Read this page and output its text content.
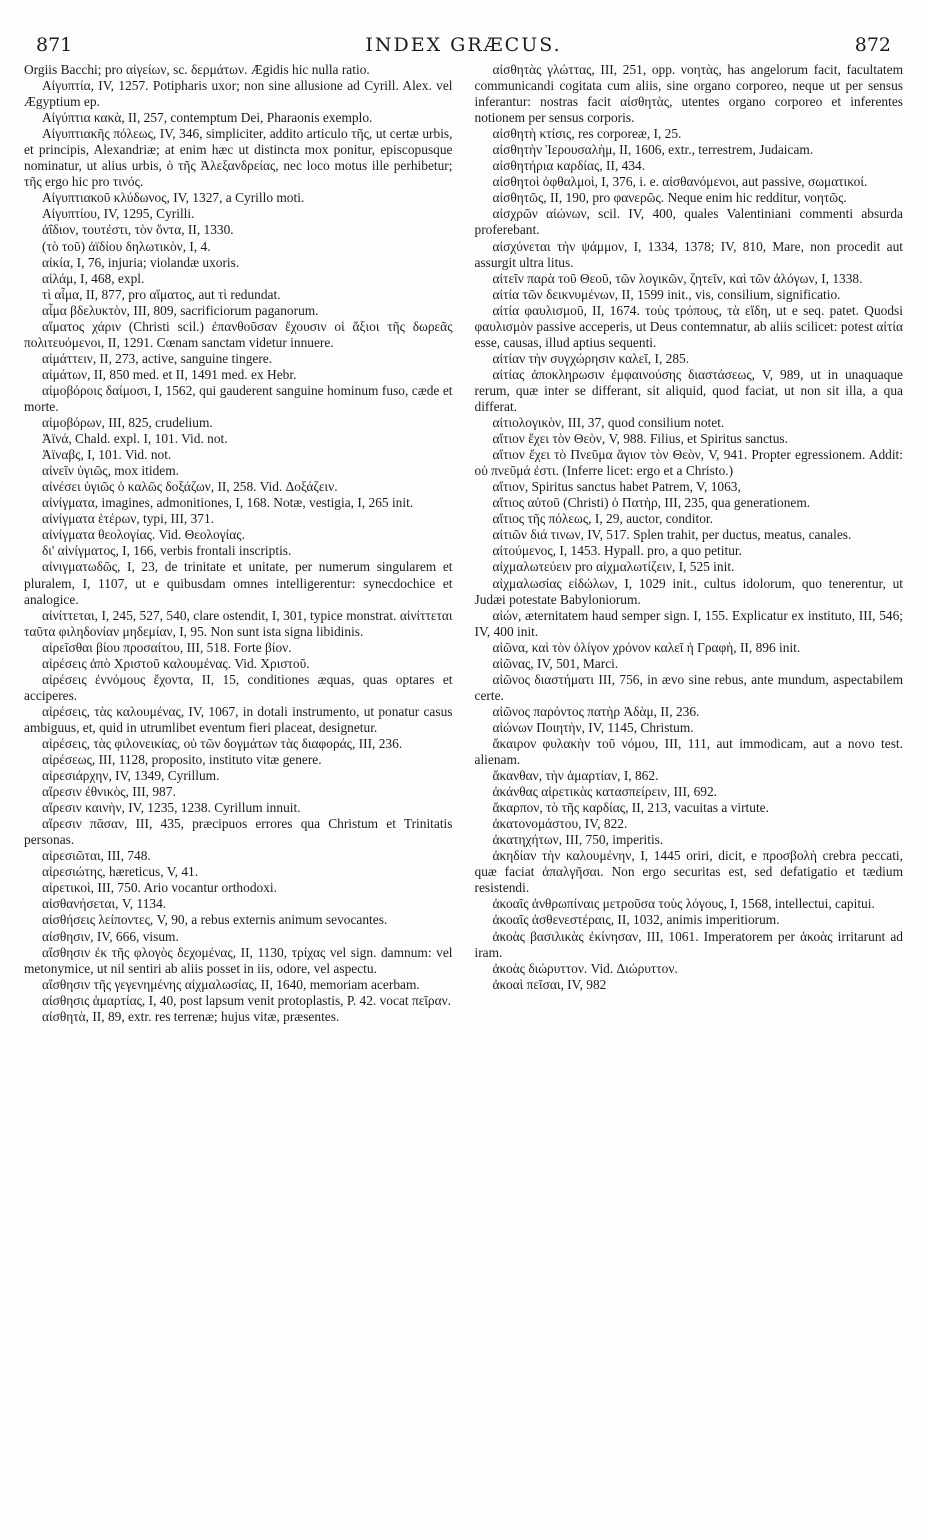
871	INDEX GRÆCUS.	872

Orgiis Bacchi; pro αἰγείων, sc. δερμάτων. Ægidis hic nulla ratio.

Αἰγυπτία, IV, 1257. Potipharis uxor; non sine allusione ad Cyrill. Alex. vel Ægyptium ep.

Αἰγύπτια κακὰ, II, 257, contemptum Dei, Pharaonis exemplo.

Αἰγυπτιακῆς πόλεως, IV, 346, simpliciter, addito articulo τῆς, ut certæ urbis, et principis, Alexandriæ; at enim hæc ut distincta mox ponitur, episcopusque nominatur, ut alius urbis, ὁ τῆς Ἀλεξανδρείας, nec loco motus ille perhibetur; τῆς ergo hic pro τινός.

Αἰγυπτιακοῦ κλύδωνος, IV, 1327, a Cyrillo moti.

Αἰγυπτίου, IV, 1295, Cyrilli.

ἀΐδιον, τουτέστι, τὸν ὄντα, II, 1330.

(τὸ τοῦ) ἀϊδίου δηλωτικὸν, I, 4.

αἰκία, I, 76, injuria; violandæ uxoris.

αἰλάμ, I, 468, expl.

τὶ αἷμα, II, 877, pro αἵματος, aut τὶ redundat.

αἷμα βδελυκτὸν, III, 809, sacrificiorum paganorum.

αἵματος χάριν (Christi scil.) ἐπανθοῦσαν ἔχουσιν οἱ ἄξιοι τῆς δωρεᾶς πολιτευόμενοι, II, 1291. Cœnam sanctam videtur innuere.

αἱμάττειν, II, 273, active, sanguine tingere.

αἱμάτων, II, 850 med. et II, 1491 med. ex Hebr.

αἱμοβόροις δαίμοσι, I, 1562, qui gauderent sanguine hominum fuso, cæde et morte.

αἱμοβόρων, III, 825, crudelium.

Ἀϊνά, Chald. expl. I, 101. Vid. not.

Ἀϊναβς, I, 101. Vid. not.

αἰνεῖν ὑγιῶς, mox itidem.

αἰνέσει ὑγιῶς ὁ καλῶς δοξάζων, II, 258. Vid. Δοξάζειν.

αἰνίγματα, imagines, admonitiones, I, 168. Notæ, vestigia, I, 265 init.

αἰνίγματα ἑτέρων, typi, III, 371.

αἰνίγματα θεολογίας. Vid. Θεολογίας.

δι' αἰνίγματος, I, 166, verbis frontali inscriptis.

αἰνιγματωδῶς, I, 23, de trinitate et unitate, per numerum singularem et pluralem, I, 1107, ut e quibusdam omnes intelligerentur: synecdochice et analogice.

αἰνίττεται, I, 245, 527, 540, clare ostendit, I, 301, typice monstrat. αἰνίττεται ταῦτα φιληδονίαν μηδεμίαν, I, 95. Non sunt ista signa libidinis.

αἱρεῖσθαι βίου προσαίτου, III, 518. Forte βίον.

αἱρέσεις ἀπὸ Χριστοῦ καλουμένας. Vid. Χριστοῦ.

αἱρέσεις ἐννόμους ἔχοντα, II, 15, conditiones æquas, quas optares et acciperes.

αἱρέσεις, τὰς καλουμένας, IV, 1067, in dotali instrumento, ut ponatur casus ambiguus, et, quid in utrumlibet eventum fieri placeat, designetur.

αἱρέσεις, τὰς φιλονεικίας, οὐ τῶν δογμάτων τὰς διαφοράς, III, 236.

αἱρέσεως, III, 1128, proposito, instituto vitæ genere.

αἱρεσιάρχην, IV, 1349, Cyrillum.

αἵρεσιν ἐθνικὸς, III, 987.

αἵρεσιν καινὴν, IV, 1235, 1238. Cyrillum innuit.

αἵρεσιν πᾶσαν, III, 435, præcipuos errores qua Christum et Trinitatis personas.

αἱρεσιῶται, III, 748.

αἱρεσιώτης, hæreticus, V, 41.

αἱρετικοὶ, III, 750. Ario vocantur orthodoxi.

αἰσθανήσεται, V, 1134.

αἰσθήσεις λείποντες, V, 90, a rebus externis animum sevocantes.

αἰσθησιν, IV, 666, visum.

αἴσθησιν ἐκ τῆς φλογὸς δεχομένας, II, 1130, τρίχας vel sign. damnum: vel metonymice, ut nil sentiri ab aliis posset in iis, odore, vel aspectu.

αἴσθησιν τῆς γεγενημένης αἰχμαλωσίας, II, 1640, memoriam acerbam.

αἰσθησις ἁμαρτίας, I, 40, post lapsum venit protoplastis, P. 42. vocat πεῖραν.

αἰσθητὰ, II, 89, extr. res terrenæ; hujus vitæ, præsentes.

αἰσθητὰς γλώττας, III, 251, opp. νοητὰς, has angelorum facit, facultatem communicandi cogitata cum aliis, sine organo corporeo, neque ut per sensus inferantur: nostras facit αἰσθητὰς, utentes organo corporeo et inferentes notionem per sensus corporis.

αἰσθητὴ κτίσις, res corporeæ, I, 25.

αἰσθητὴν Ἱερουσαλὴμ, II, 1606, extr., terrestrem, Judaicam.

αἰσθητήρια καρδίας, II, 434.

αἰσθητοὶ ὀφθαλμοὶ, I, 376, i. e. αἰσθανόμενοι, aut passive, σωματικοί.

αἰσθητῶς, II, 190, pro φανερῶς. Neque enim hic redditur, νοητῶς.

αἰσχρῶν αἰώνων, scil. IV, 400, quales Valentiniani commenti absurda proferebant.

αἰσχύνεται τὴν ψάμμον, I, 1334, 1378; IV, 810, Mare, non procedit aut assurgit ultra litus.

αἰτεῖν παρὰ τοῦ Θεοῦ, τῶν λογικῶν, ζητεῖν, καὶ τῶν ἀλόγων, I, 1338.

αἰτία τῶν δεικνυμένων, II, 1599 init., vis, consilium, significatio.

αἰτία φαυλισμοῦ, II, 1674. τοὺς τρόπους, τὰ εἴδη, ut e seq. patet. Quodsi φαυλισμὸν passive acceperis, ut Deus contemnatur, ab aliis scilicet: potest αἰτία esse, causas, illud aptius sequenti.

αἰτίαν τὴν συγχώρησιν καλεῖ, I, 285.

αἰτίας ἀποκληρωσιν ἐμφαινούσης διαστάσεως, V, 989, ut in unaquaque rerum, quæ inter se differant, sit aliquid, quod faciat, ut non sit illa, a qua differat.

αἰτιολογικὸν, III, 37, quod consilium notet.

αἴτιον ἔχει τὸν Θεὸν, V, 988. Filius, et Spiritus sanctus.

αἴτιον ἔχει τὸ Πνεῦμα ἅγιον τὸν Θεὸν, V, 941. Propter egressionem. Addit: οὐ πνεῦμά ἐστι. (Inferre licet: ergo et a Christo.)

αἴτιον, Spiritus sanctus habet Patrem, V, 1063,

αἴτιος αὐτοῦ (Christi) ὁ Πατὴρ, III, 235, qua generationem.

αἴτιος τῆς πόλεως, I, 29, auctor, conditor.

αἰτιῶν διά τινων, IV, 517. Splen trahit, per ductus, meatus, canales.

αἰτούμενος, I, 1453. Hypall. pro, a quo petitur.

αἰχμαλωτεύειν pro αἰχμαλωτίζειν, I, 525 init.

αἰχμαλωσίας εἰδώλων, I, 1029 init., cultus idolorum, quo tenerentur, ut Judæi potestate Babyloniorum.

αἰών, æternitatem haud semper sign. I, 155. Explicatur ex instituto, III, 546; IV, 400 init.

αἰῶνα, καὶ τὸν ὀλίγον χρόνον καλεῖ ἡ Γραφὴ, II, 896 init.

αἰῶνας, IV, 501, Marci.

αἰῶνος διαστήματι III, 756, in ævo sine rebus, ante mundum, aspectabilem certe.

αἰῶνος παρόντος πατὴρ Ἀδὰμ, II, 236.

αἰώνων Ποιητὴν, IV, 1145, Christum.

ἄκαιρον φυλακὴν τοῦ νόμου, III, 111, aut immodicam, aut a novo test. alienam.

ἄκανθαν, τὴν ἁμαρτίαν, I, 862.

ἀκάνθας αἱρετικὰς κατασπείρειν, III, 692.

ἄκαρπον, τὸ τῆς καρδίας, II, 213, vacuitas a virtute.

ἀκατονομάστου, IV, 822.

ἀκατηχήτων, III, 750, imperitis.

ἀκηδίαν τὴν καλουμένην, I, 1445 oriri, dicit, e προσβολὴ crebra peccati, quæ faciat ἀπαλγῆσαι. Non ergo securitas est, sed defatigatio et tædium resistendi.

ἀκοαῖς ἀνθρωπίναις μετροῦσα τοὺς λόγους, I, 1568, intellectui, capitui.

ἀκοαῖς ἀσθενεστέραις, II, 1032, animis imperitiorum.

ἀκοὰς βασιλικὰς ἐκίνησαν, III, 1061. Imperatorem per ἀκοὰς irritarunt ad iram.

ἀκοὰς διώρυττον. Vid. Διώρυττον.

ἀκοαὶ πεῖσαι, IV, 982
